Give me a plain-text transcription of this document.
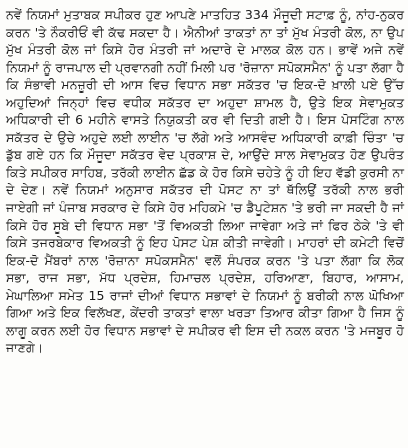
ਨਵੇਂ ਨਿਯਮਾਂ ਮੁਤਾਬਕ ਸਪੀਕਰ ਹੁਣ ਆਪਣੇ ਮਾਤਹਿਤ 334 ਮੌਜੂਦੀ ਸਟਾਫ਼ ਨੂੰ, ਨਾਂਹ-ਨੁਕਰ ਕਰਨ 'ਤੇ ਨੌਕਰੀਓਂ ਵੀ ਕੱਢ ਸਕਦਾ ਹੈ। ਐਨੀਆਂ ਤਾਕਤਾਂ ਨਾ ਤਾਂ ਮੁੱਖ ਮੰਤਰੀ ਕੋਲ, ਨਾ ਉਪ ਮੁੱਖ ਮੰਤਰੀ ਕੋਲ ਜਾਂ ਕਿਸੇ ਹੋਰ ਮੰਤਰੀ ਜਾਂ ਅਦਾਰੇ ਦੇ ਮਾਲਕ ਕੋਲ ਹਨ। ਭਾਵੇਂ ਅਜੇ ਨਵੇਂ ਨਿਯਮਾਂ ਨੂੰ ਰਾਜਪਾਲ ਦੀ ਪ੍ਰਵਾਨਗੀ ਨਹੀਂ ਮਿਲੀ ਪਰ 'ਰੋਜ਼ਾਨਾ ਸਪੋਕਸਮੈਨ' ਨੂੰ ਪਤਾ ਲੱਗਾ ਹੈ ਕਿ ਸੰਭਾਵੀ ਮਨਜ਼ੂਰੀ ਦੀ ਆਸ ਵਿਚ ਵਿਧਾਨ ਸਭਾ ਸਕੱਤਰ 'ਚ ਇਕ-ਦੋ ਖ਼ਾਲੀ ਪਏ ਉੱਚ ਅਹੁਦਿਆਂ ਜਿਨ੍ਹਾਂ ਵਿਚ ਵਧੀਕ ਸਕੱਤਰ ਦਾ ਅਹੁਦਾ ਸ਼ਾਮਲ ਹੈ, ਉਤੇ ਇਕ ਸੇਵਾਮੁਕਤ ਅਧਿਕਾਰੀ ਦੀ 6 ਮਹੀਨੇ ਵਾਸਤੇ ਨਿਯੁਕਤੀ ਕਰ ਵੀ ਦਿਤੀ ਗਈ ਹੈ। ਇਸ ਪੋਸਟਿੰਗ ਨਾਲ ਸਕੱਤਰ ਦੇ ਉਚੇ ਅਹੁਦੇ ਲਈ ਲਾਈਨ 'ਚ ਲੱਗੇ ਅਤੇ ਆਸਵੰਦ ਅਧਿਕਾਰੀ ਕਾਫ਼ੀ ਚਿੰਤਾ 'ਚ ਡੁੱਬ ਗਏ ਹਨ ਕਿ ਮੌਜੂਦਾ ਸਕੱਤਰ ਵੇਦ ਪ੍ਰਕਾਸ਼ ਦੇ, ਆਉਂਦੇ ਸਾਲ ਸੇਵਾਮੁਕਤ ਹੋਣ ਉਪਰੰਤ ਕਿਤੇ ਸਪੀਕਰ ਸਾਹਿਬ, ਤਰੱਕੀ ਲਾਈਨ ਛੱਡ ਕੇ ਹੋਰ ਕਿਸੇ ਚਹੇਤੇ ਨੂੰ ਹੀ ਇਹ ਵੱਡੀ ਕੁਰਸੀ ਨਾ ਦੇ ਦੇਣ। ਨਵੇਂ ਨਿਯਮਾਂ ਅਨੁਸਾਰ ਸਕੱਤਰ ਦੀ ਪੋਸਟ ਨਾ ਤਾਂ ਥੱਲਿਉਂ ਤਰੱਕੀ ਨਾਲ ਭਰੀ ਜਾਏਗੀ ਜਾਂ ਪੰਜਾਬ ਸਰਕਾਰ ਦੇ ਕਿਸੇ ਹੋਰ ਮਹਿਕਮੇ 'ਚ ਡੈਪੂਟੇਸ਼ਨ 'ਤੇ ਭਰੀ ਜਾ ਸਕਦੀ ਹੈ ਜਾਂ ਕਿਸੇ ਹੋਰ ਸੂਬੇ ਦੀ ਵਿਧਾਨ ਸਭਾ 'ਤੋਂ ਵਿਅਕਤੀ ਲਿਆ ਜਾਵੇਗਾ ਅਤੇ ਜਾਂ ਫਿਰ ਠੇਕੇ 'ਤੇ ਵੀ ਕਿਸੇ ਤਜਰਬੇਕਾਰ ਵਿਅਕਤੀ ਨੂੰ ਇਹ ਪੋਸਟ ਪੇਸ਼ ਕੀਤੀ ਜਾਵੇਗੀ। ਮਾਹਰਾਂ ਦੀ ਕਮੇਟੀ ਵਿਚੋਂ ਇਕ-ਦੋ ਮੈਂਬਰਾਂ ਨਾਲ 'ਰੋਜ਼ਾਨਾ ਸਪੋਕਸਮੈਨ' ਵਲੋਂ ਸੰਪਰਕ ਕਰਨ 'ਤੇ ਪਤਾ ਲੱਗਾ ਕਿ ਲੋਕ ਸਭਾ, ਰਾਜ ਸਭਾ, ਮੱਧ ਪ੍ਰਦੇਸ਼, ਹਿਮਾਚਲ ਪ੍ਰਦੇਸ਼, ਹਰਿਆਣਾ, ਬਿਹਾਰ, ਆਸਾਮ, ਮੇਘਾਲਿਆ ਸਮੇਤ 15 ਰਾਜਾਂ ਦੀਆਂ ਵਿਧਾਨ ਸਭਾਵਾਂ ਦੇ ਨਿਯਮਾਂ ਨੂੰ ਬਰੀਕੀ ਨਾਲ ਘੋਖਿਆ ਗਿਆ ਅਤੇ ਇਕ ਵਿਲੱਖਣ, ਕੇਂਦਰੀ ਤਾਕਤਾਂ ਵਾਲਾ ਖਰੜਾ ਤਿਆਰ ਕੀਤਾ ਗਿਆ ਹੈ ਜਿਸ ਨੂੰ ਲਾਗੂ ਕਰਨ ਲਈ ਹੋਰ ਵਿਧਾਨ ਸਭਾਵਾਂ ਦੇ ਸਪੀਕਰ ਵੀ ਇਸ ਦੀ ਨਕਲ ਕਰਨ 'ਤੇ ਮਜਬੂਰ ਹੋ ਜਾਣਗੇ।
